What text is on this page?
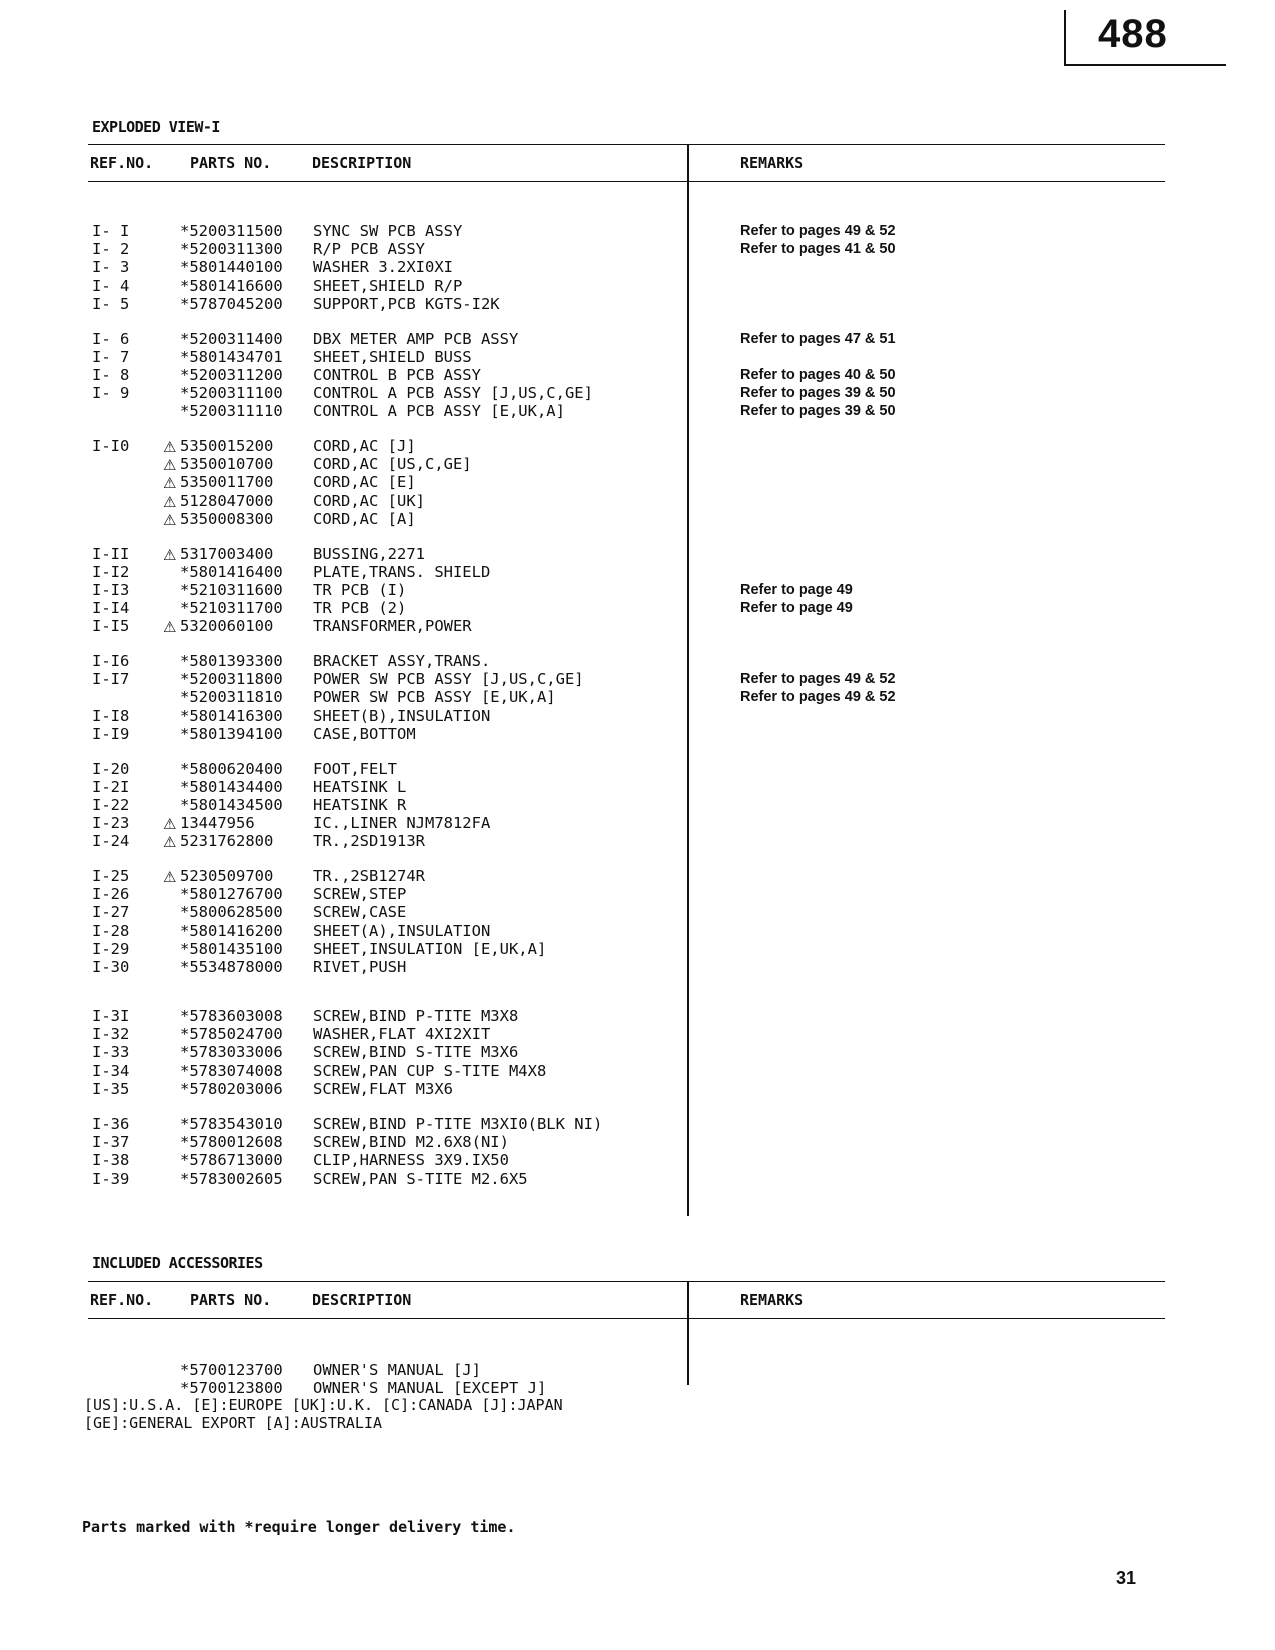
488
EXPLODED VIEW-I
REF.NO. PARTS NO.	DESCRIPTION	REMARKS
I- I	*5200311500 SYNC SW PCB ASSY	Refer to pages 49 & 52
I- 2	*5200311300 R/P PCB ASSY	Refer to pages 41 & 50
I- 3	*5801440100 WASHER 3.2XI0XI
I- 4	*5801416600 SHEET,SHIELD R/P
I- 5	*5787045200 SUPPORT,PCB KGTS-I2K
I- 6	*5200311400 DBX METER AMP PCB ASSY	Refer to pages 47 & 51
I- 7	*5801434701 SHEET,SHIELD BUSS
I- 8	*5200311200 CONTROL B PCB ASSY	Refer to pages 40 & 50
I- 9	*5200311100 CONTROL A PCB ASSY [J,US,C,GE]	Refer to pages 39 & 50
*5200311110 CONTROL A PCB ASSY [E,UK,A]	Refer to pages 39 & 50
I-I0 ⚠ 5350015200	CORD,AC [J]
⚠ 5350010700	CORD,AC [US,C,GE]
⚠ 5350011700	CORD,AC [E]
⚠ 5128047000	CORD,AC [UK]
⚠ 5350008300	CORD,AC [A]
I-II ⚠ 5317003400	BUSSING,2271
I-I2	*5801416400 PLATE,TRANS. SHIELD
I-I3	*5210311600 TR PCB (I)	Refer to page 49
I-I4	*5210311700 TR PCB (2)	Refer to page 49
I-I5 ⚠ 5320060100	TRANSFORMER,POWER
I-I6	*5801393300 BRACKET ASSY,TRANS.
I-I7	*5200311800 POWER SW PCB ASSY [J,US,C,GE]	Refer to pages 49 & 52
*5200311810 POWER SW PCB ASSY [E,UK,A]	Refer to pages 49 & 52
I-I8	*5801416300 SHEET(B),INSULATION
I-I9	*5801394100 CASE,BOTTOM
I-20	*5800620400 FOOT,FELT
I-2I	*5801434400 HEATSINK L
I-22	*5801434500 HEATSINK R
I-23 ⚠ 13447956	IC.,LINER NJM7812FA
I-24 ⚠ 5231762800	TR.,2SD1913R
I-25 ⚠ 5230509700	TR.,2SB1274R
I-26	*5801276700 SCREW,STEP
I-27	*5800628500 SCREW,CASE
I-28	*5801416200 SHEET(A),INSULATION
I-29	*5801435100 SHEET,INSULATION [E,UK,A]
I-30	*5534878000 RIVET,PUSH
I-3I	*5783603008 SCREW,BIND P-TITE M3X8
I-32	*5785024700 WASHER,FLAT 4XI2XIT
I-33	*5783033006 SCREW,BIND S-TITE M3X6
I-34	*5783074008 SCREW,PAN CUP S-TITE M4X8
I-35	*5780203006 SCREW,FLAT M3X6
I-36	*5783543010 SCREW,BIND P-TITE M3XI0(BLK NI)
I-37	*5780012608 SCREW,BIND M2.6X8(NI)
I-38	*5786713000 CLIP,HARNESS 3X9.IX50
I-39	*5783002605 SCREW,PAN S-TITE M2.6X5
INCLUDED ACCESSORIES
REF.NO. PARTS NO.	DESCRIPTION	REMARKS
*5700123700 OWNER'S MANUAL [J]
*5700123800 OWNER'S MANUAL [EXCEPT J]
[US]:U.S.A. [E]:EUROPE [UK]:U.K. [C]:CANADA [J]:JAPAN
[GE]:GENERAL EXPORT [A]:AUSTRALIA
Parts marked with *require longer delivery time.
31
